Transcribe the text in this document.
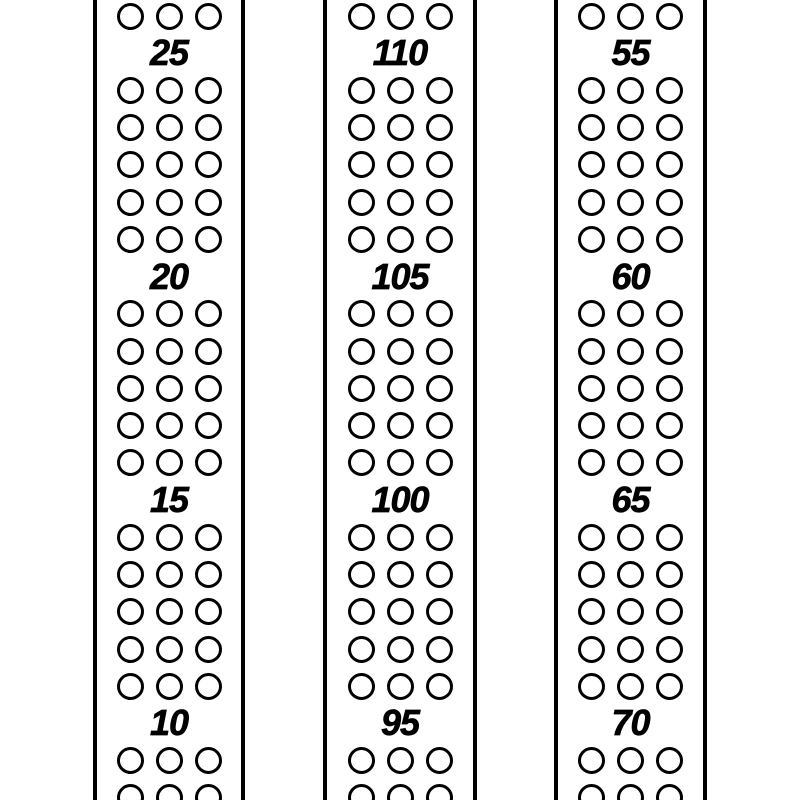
25
20
15
10
110
105
100
95
55
60
65
70
